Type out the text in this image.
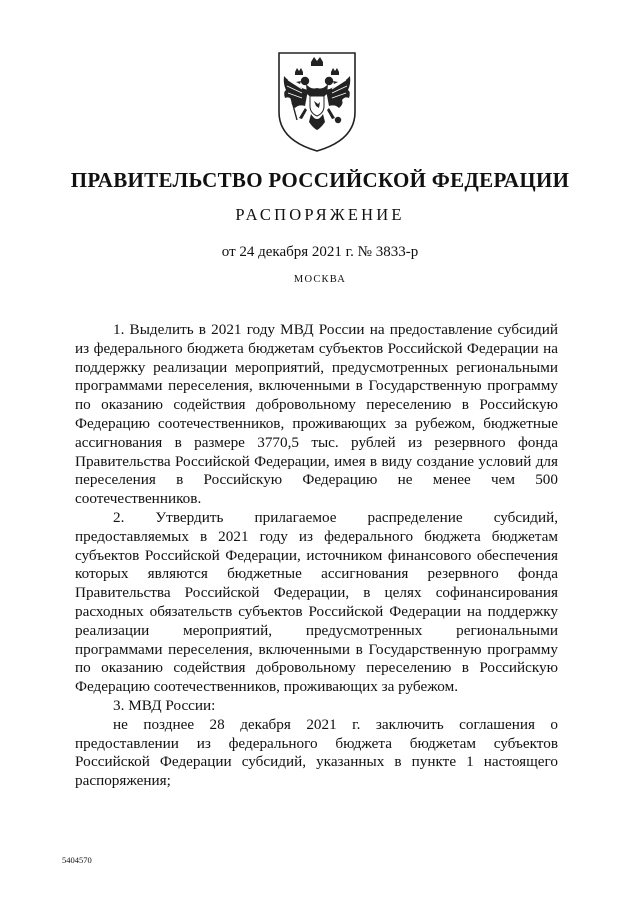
ПРАВИТЕЛЬСТВО РОССИЙСКОЙ ФЕДЕРАЦИИ

РАСПОРЯЖЕНИЕ

от 24 декабря 2021 г. № 3833-р

МОСКВА

1. Выделить в 2021 году МВД России на предоставление субсидий из федерального бюджета бюджетам субъектов Российской Федерации на поддержку реализации мероприятий, предусмотренных региональными программами переселения, включенными в Государственную программу по оказанию содействия добровольному переселению в Российскую Федерацию соотечественников, проживающих за рубежом, бюджетные ассигнования в размере 3770,5 тыс. рублей из резервного фонда Правительства Российской Федерации, имея в виду создание условий для переселения в Российскую Федерацию не менее чем 500 соотечественников.

2. Утвердить прилагаемое распределение субсидий, предоставляемых в 2021 году из федерального бюджета бюджетам субъектов Российской Федерации, источником финансового обеспечения которых являются бюджетные ассигнования резервного фонда Правительства Российской Федерации, в целях софинансирования расходных обязательств субъектов Российской Федерации на поддержку реализации мероприятий, предусмотренных региональными программами переселения, включенными в Государственную программу по оказанию содействия добровольному переселению в Российскую Федерацию соотечественников, проживающих за рубежом.

3. МВД России:

не позднее 28 декабря 2021 г. заключить соглашения о предоставлении из федерального бюджета бюджетам субъектов Российской Федерации субсидий, указанных в пункте 1 настоящего распоряжения;

5404570
